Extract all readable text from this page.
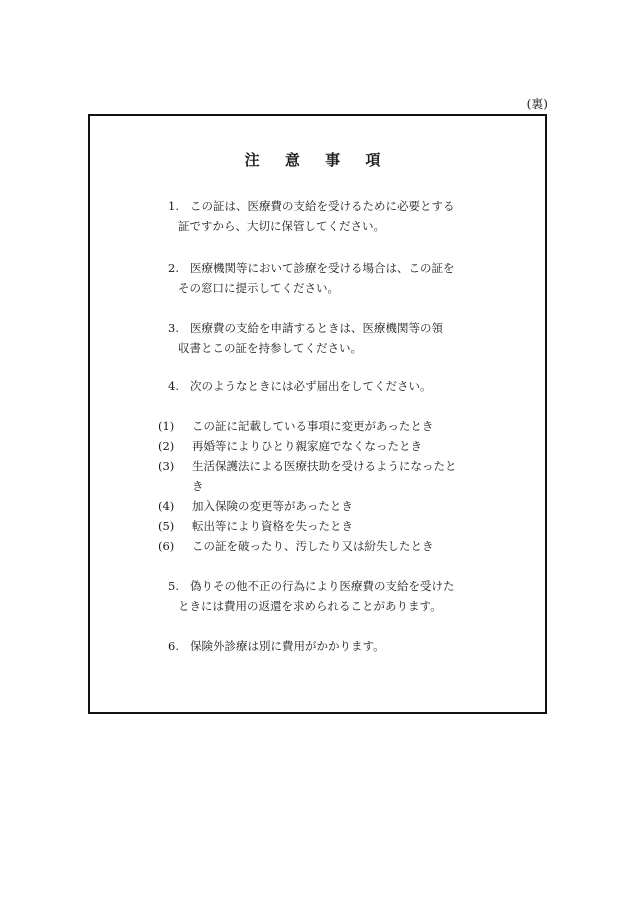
(裏)
注 意 事 項
1. この証は、医療費の支給を受けるために必要とする
証ですから、大切に保管してください。
2. 医療機関等において診療を受ける場合は、この証を
その窓口に提示してください。
3. 医療費の支給を申請するときは、医療機関等の領
収書とこの証を持参してください。
4. 次のようなときには必ず届出をしてください。
(1) この証に記載している事項に変更があったとき
(2) 再婚等によりひとり親家庭でなくなったとき
(3) 生活保護法による医療扶助を受けるようになったと
き
(4) 加入保険の変更等があったとき
(5) 転出等により資格を失ったとき
(6) この証を破ったり、汚したり又は紛失したとき
5. 偽りその他不正の行為により医療費の支給を受けた
ときには費用の返還を求められることがあります。
6. 保険外診療は別に費用がかかります。
